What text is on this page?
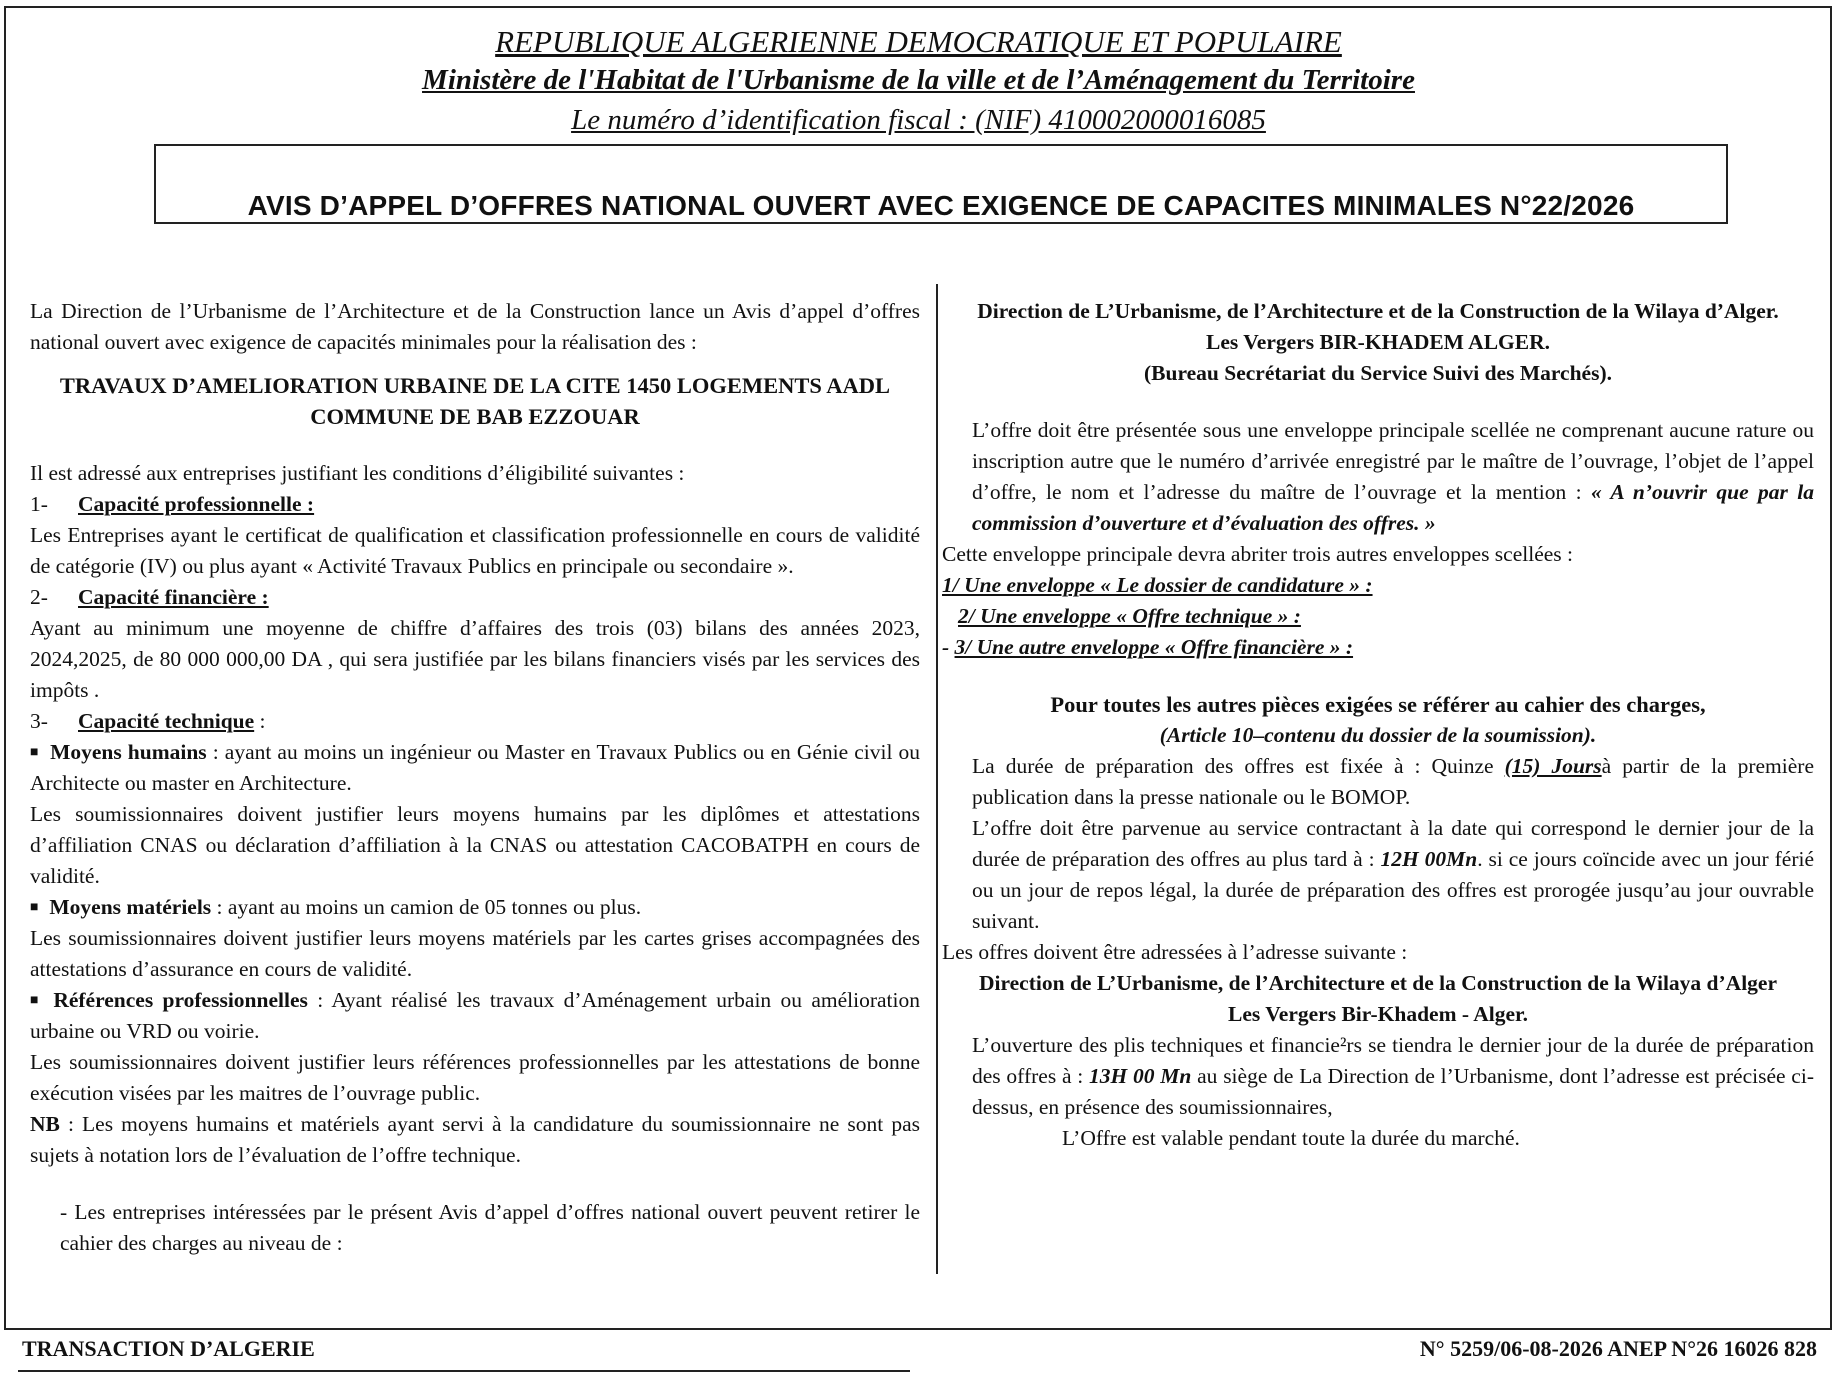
REPUBLIQUE ALGERIENNE DEMOCRATIQUE ET POPULAIRE
Ministère de l'Habitat de l'Urbanisme de la ville et de l’Aménagement du Territoire
Le numéro d’identification fiscal : (NIF) 410002000016085
AVIS D’APPEL D’OFFRES NATIONAL OUVERT AVEC EXIGENCE DE CAPACITES MINIMALES N°22/2026

La Direction de l’Urbanisme de l’Architecture et de la Construction lance un Avis d’appel d’offres national ouvert avec exigence de capacités minimales pour la réalisation des :

TRAVAUX D’AMELIORATION URBAINE DE LA CITE 1450 LOGEMENTS AADL

COMMUNE DE BAB EZZOUAR

Il est adressé aux entreprises justifiant les conditions d’éligibilité suivantes :

1- Capacité professionnelle :

Les Entreprises ayant le certificat de qualification et classification professionnelle en cours de validité de catégorie (IV) ou plus ayant « Activité Travaux Publics en principale ou secondaire ».

2- Capacité financière :

Ayant au minimum une moyenne de chiffre d’affaires des trois (03) bilans des années 2023, 2024,2025, de 80 000 000,00 DA , qui sera justifiée par les bilans financiers visés par les services des impôts .

3- Capacité technique :

■ Moyens humains : ayant au moins un ingénieur ou Master en Travaux Publics ou en Génie civil ou Architecte ou master en Architecture.

Les soumissionnaires doivent justifier leurs moyens humains par les diplômes et attestations d’affiliation CNAS ou déclaration d’affiliation à la CNAS ou attestation CACOBATPH en cours de validité.

■ Moyens matériels : ayant au moins un camion de 05 tonnes ou plus.

Les soumissionnaires doivent justifier leurs moyens matériels par les cartes grises accompagnées des attestations d’assurance en cours de validité.

■ Références professionnelles : Ayant réalisé les travaux d’Aménagement urbain ou amélioration urbaine ou VRD ou voirie.

Les soumissionnaires doivent justifier leurs références professionnelles par les attestations de bonne exécution visées par les maitres de l’ouvrage public.

NB : Les moyens humains et matériels ayant servi à la candidature du soumissionnaire ne sont pas sujets à notation lors de l’évaluation de l’offre technique.

- Les entreprises intéressées par le présent Avis d’appel d’offres national ouvert peuvent retirer le cahier des charges au niveau de :

Direction de L’Urbanisme, de l’Architecture et de la Construction de la Wilaya d’Alger.

Les Vergers BIR-KHADEM ALGER.

(Bureau Secrétariat du Service Suivi des Marchés).

L’offre doit être présentée sous une enveloppe principale scellée ne comprenant aucune rature ou inscription autre que le numéro d’arrivée enregistré par le maître de l’ouvrage, l’objet de l’appel d’offre, le nom et l’adresse du maître de l’ouvrage et la mention : « A n’ouvrir que par la commission d’ouverture et d’évaluation des offres. »

Cette enveloppe principale devra abriter trois autres enveloppes scellées :

1/ Une enveloppe « Le dossier de candidature » :

2/ Une enveloppe « Offre technique » :

- 3/ Une autre enveloppe « Offre financière » :

Pour toutes les autres pièces exigées se référer au cahier des charges,

(Article 10–contenu du dossier de la soumission).

La durée de préparation des offres est fixée à : Quinze (15) Joursà partir de la première publication dans la presse nationale ou le BOMOP.

L’offre doit être parvenue au service contractant à la date qui correspond le dernier jour de la durée de préparation des offres au plus tard à : 12H 00Mn. si ce jours coïncide avec un jour férié ou un jour de repos légal, la durée de préparation des offres est prorogée jusqu’au jour ouvrable suivant.

Les offres doivent être adressées à l’adresse suivante :

Direction de L’Urbanisme, de l’Architecture et de la Construction de la Wilaya d’Alger

Les Vergers Bir-Khadem - Alger.

L’ouverture des plis techniques et financie²rs se tiendra le dernier jour de la durée de préparation des offres à : 13H 00 Mn au siège de La Direction de l’Urbanisme, dont l’adresse est précisée ci-dessus, en présence des soumissionnaires,

L’Offre est valable pendant toute la durée du marché.

TRANSACTION D’ALGERIE	N° 5259/06-08-2026 ANEP N°26 16026 828
